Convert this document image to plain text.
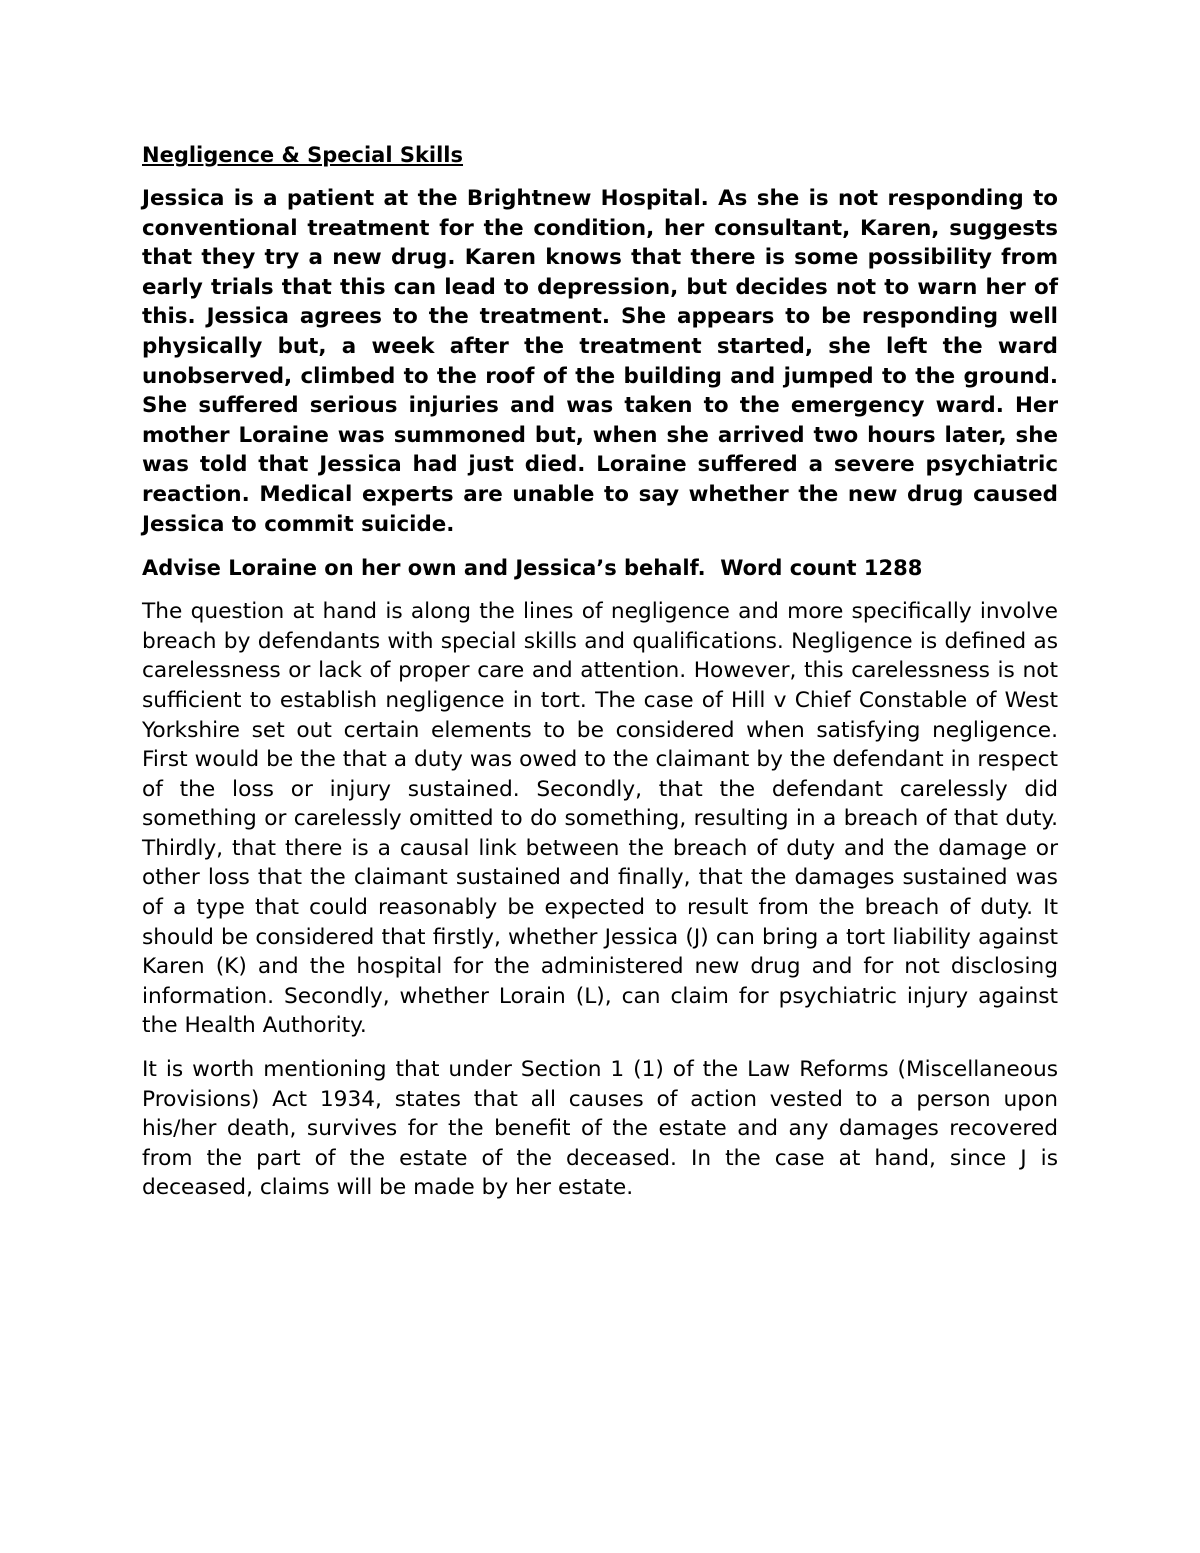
Negligence & Special Skills

Jessica is a patient at the Brightnew Hospital. As she is not responding to conventional treatment for the condition, her consultant, Karen, suggests that they try a new drug. Karen knows that there is some possibility from early trials that this can lead to depression, but decides not to warn her of this. Jessica agrees to the treatment. She appears to be responding well physically but, a week after the treatment started, she left the ward unobserved, climbed to the roof of the building and jumped to the ground. She suffered serious injuries and was taken to the emergency ward. Her mother Loraine was summoned but, when she arrived two hours later, she was told that Jessica had just died. Loraine suffered a severe psychiatric reaction. Medical experts are unable to say whether the new drug caused Jessica to commit suicide.

Advise Loraine on her own and Jessica’s behalf.  Word count 1288

The question at hand is along the lines of negligence and more specifically involve breach by defendants with special skills and qualifications. Negligence is defined as carelessness or lack of proper care and attention. However, this carelessness is not sufficient to establish negligence in tort. The case of Hill v Chief Constable of West Yorkshire set out certain elements to be considered when satisfying negligence. First would be the that a duty was owed to the claimant by the defendant in respect of the loss or injury sustained. Secondly, that the defendant carelessly did something or carelessly omitted to do something, resulting in a breach of that duty. Thirdly, that there is a causal link between the breach of duty and the damage or other loss that the claimant sustained and finally, that the damages sustained was of a type that could reasonably be expected to result from the breach of duty. It should be considered that firstly, whether Jessica (J) can bring a tort liability against Karen (K) and the hospital for the administered new drug and for not disclosing information. Secondly, whether Lorain (L), can claim for psychiatric injury against the Health Authority.

It is worth mentioning that under Section 1 (1) of the Law Reforms (Miscellaneous Provisions) Act 1934, states that all causes of action vested to a person upon his/her death, survives for the benefit of the estate and any damages recovered from the part of the estate of the deceased. In the case at hand, since J is deceased, claims will be made by her estate.
